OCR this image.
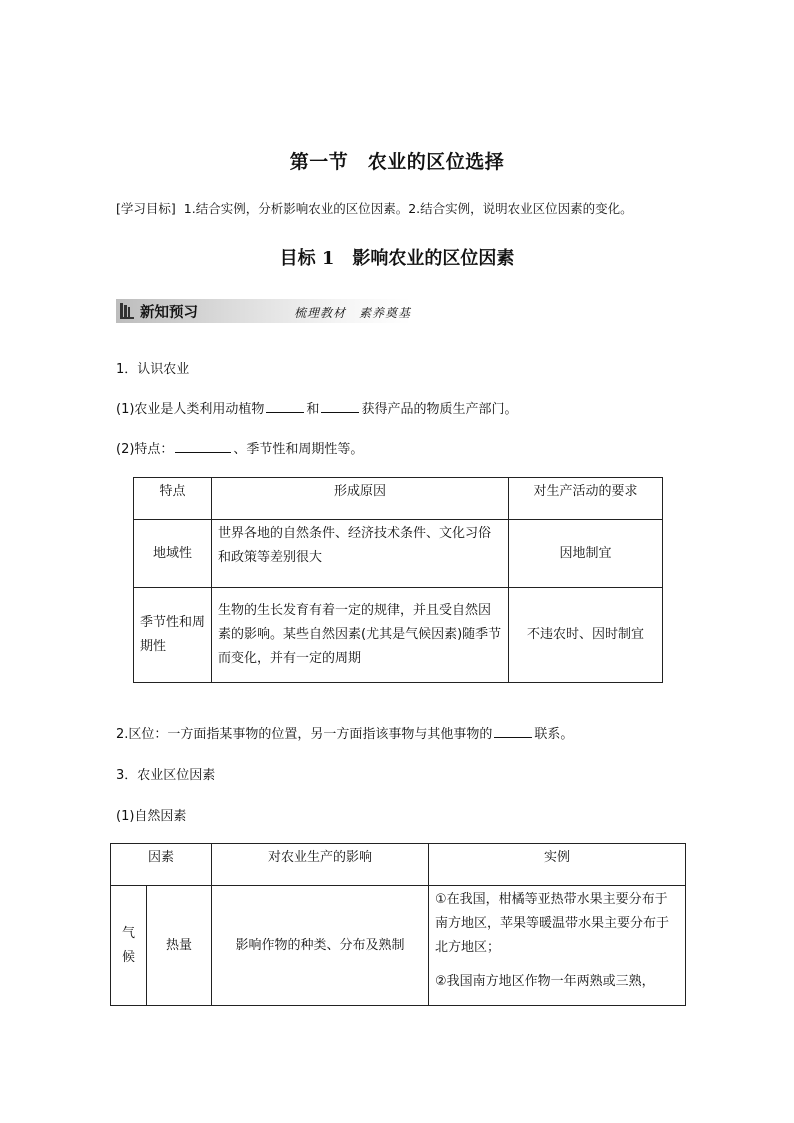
第一节　农业的区位选择
[学习目标] 1.结合实例，分析影响农业的区位因素。2.结合实例，说明农业区位因素的变化。
目标 1　影响农业的区位因素
新知预习	梳理教材　素养奠基
1．认识农业
(1)农业是人类利用动植物	和	获得产品的物质生产部门。
(2)特点：	、季节性和周期性等。
特点	形成原因	对生产活动的要求
地域性	世界各地的自然条件、经济技术条件、文化习俗和政策等差别很大	因地制宜
季节性和周期性	生物的生长发育有着一定的规律，并且受自然因素的影响。某些自然因素(尤其是气候因素)随季节而变化，并有一定的周期	不违农时、因时制宜
2.区位：一方面指某事物的位置，另一方面指该事物与其他事物的	联系。
3．农业区位因素
(1)自然因素
因素		对农业生产的影响	实例
气候	热量	影响作物的种类、分布及熟制	①在我国，柑橘等亚热带水果主要分布于南方地区，苹果等暖温带水果主要分布于北方地区；

②我国南方地区作物一年两熟或三熟，
